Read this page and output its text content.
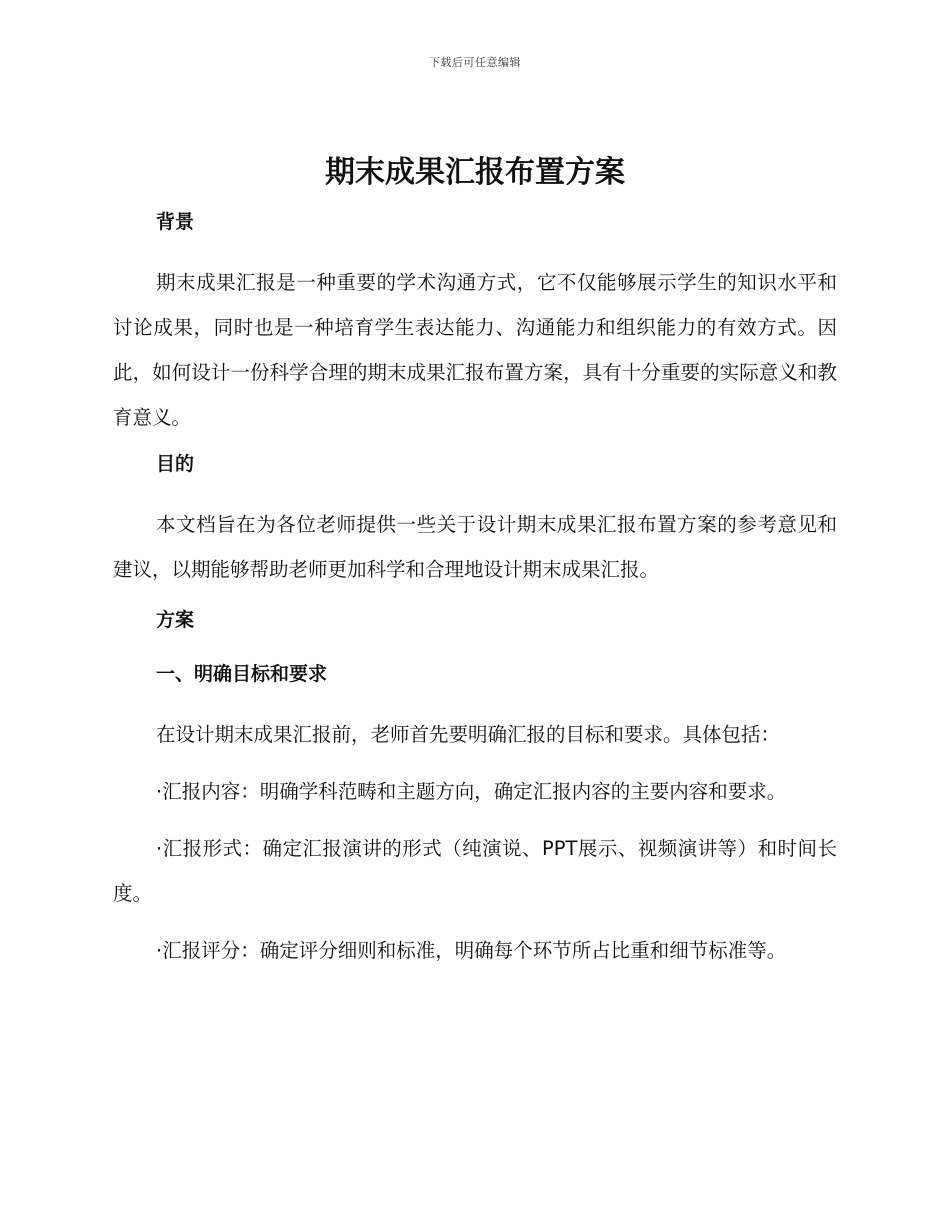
下载后可任意编辑
期末成果汇报布置方案
背景

期末成果汇报是一种重要的学术沟通方式，它不仅能够展示学生的知识水平和讨论成果，同时也是一种培育学生表达能力、沟通能力和组织能力的有效方式。因此，如何设计一份科学合理的期末成果汇报布置方案，具有十分重要的实际意义和教育意义。

目的

本文档旨在为各位老师提供一些关于设计期末成果汇报布置方案的参考意见和建议，以期能够帮助老师更加科学和合理地设计期末成果汇报。

方案
一、明确目标和要求

在设计期末成果汇报前，老师首先要明确汇报的目标和要求。具体包括：

·汇报内容：明确学科范畴和主题方向，确定汇报内容的主要内容和要求。

·汇报形式：确定汇报演讲的形式（纯演说、PPT展示、视频演讲等）和时间长度。

·汇报评分：确定评分细则和标准，明确每个环节所占比重和细节标准等。
